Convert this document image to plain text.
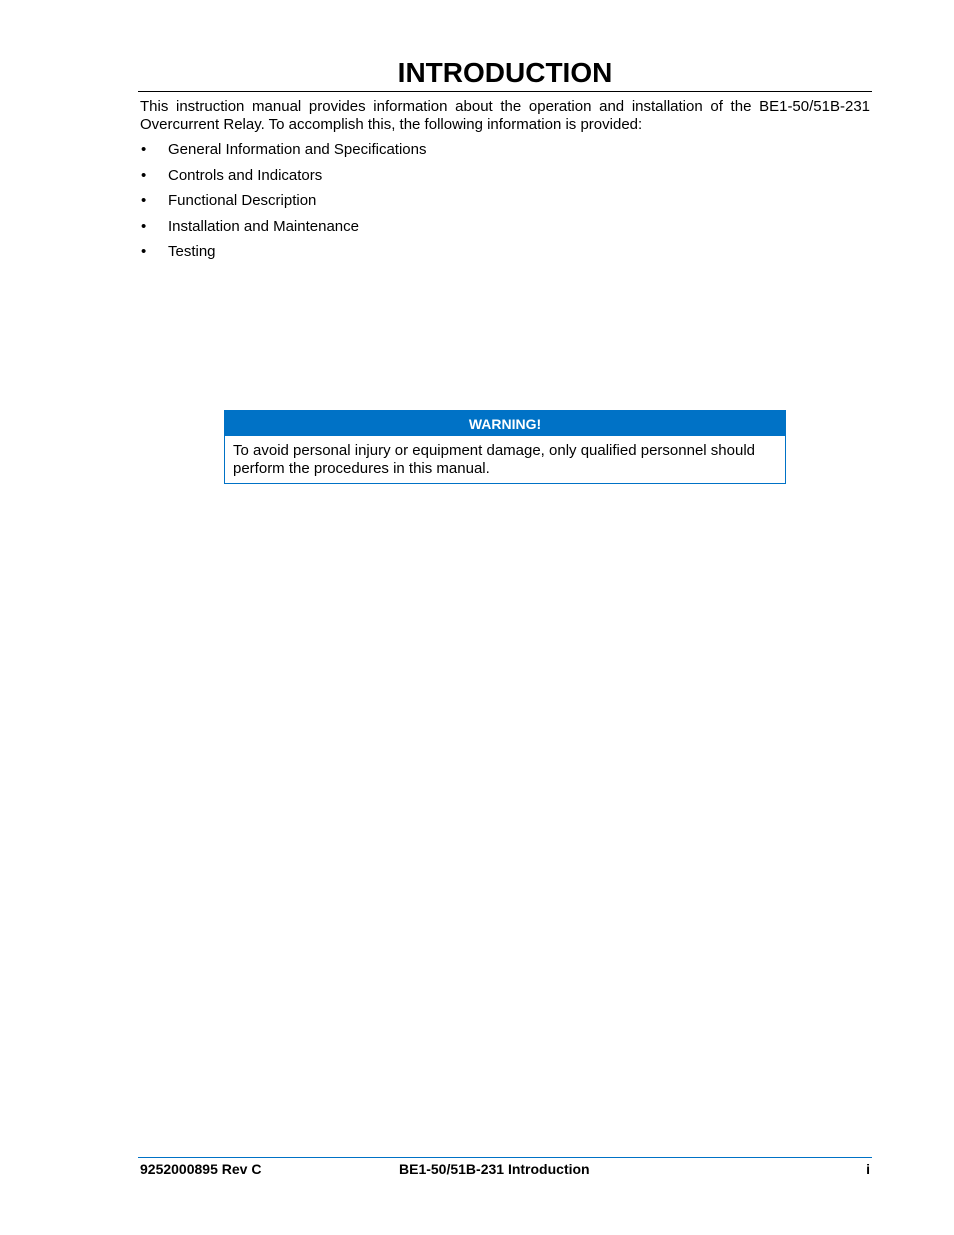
INTRODUCTION

This instruction manual provides information about the operation and installation of the BE1-50/51B-231 Overcurrent Relay. To accomplish this, the following information is provided:

•	General Information and Specifications
•	Controls and Indicators
•	Functional Description
•	Installation and Maintenance
•	Testing
WARNING!
To avoid personal injury or equipment damage, only qualified personnel should perform the procedures in this manual.
9252000895 Rev C	BE1-50/51B-231 Introduction	i
